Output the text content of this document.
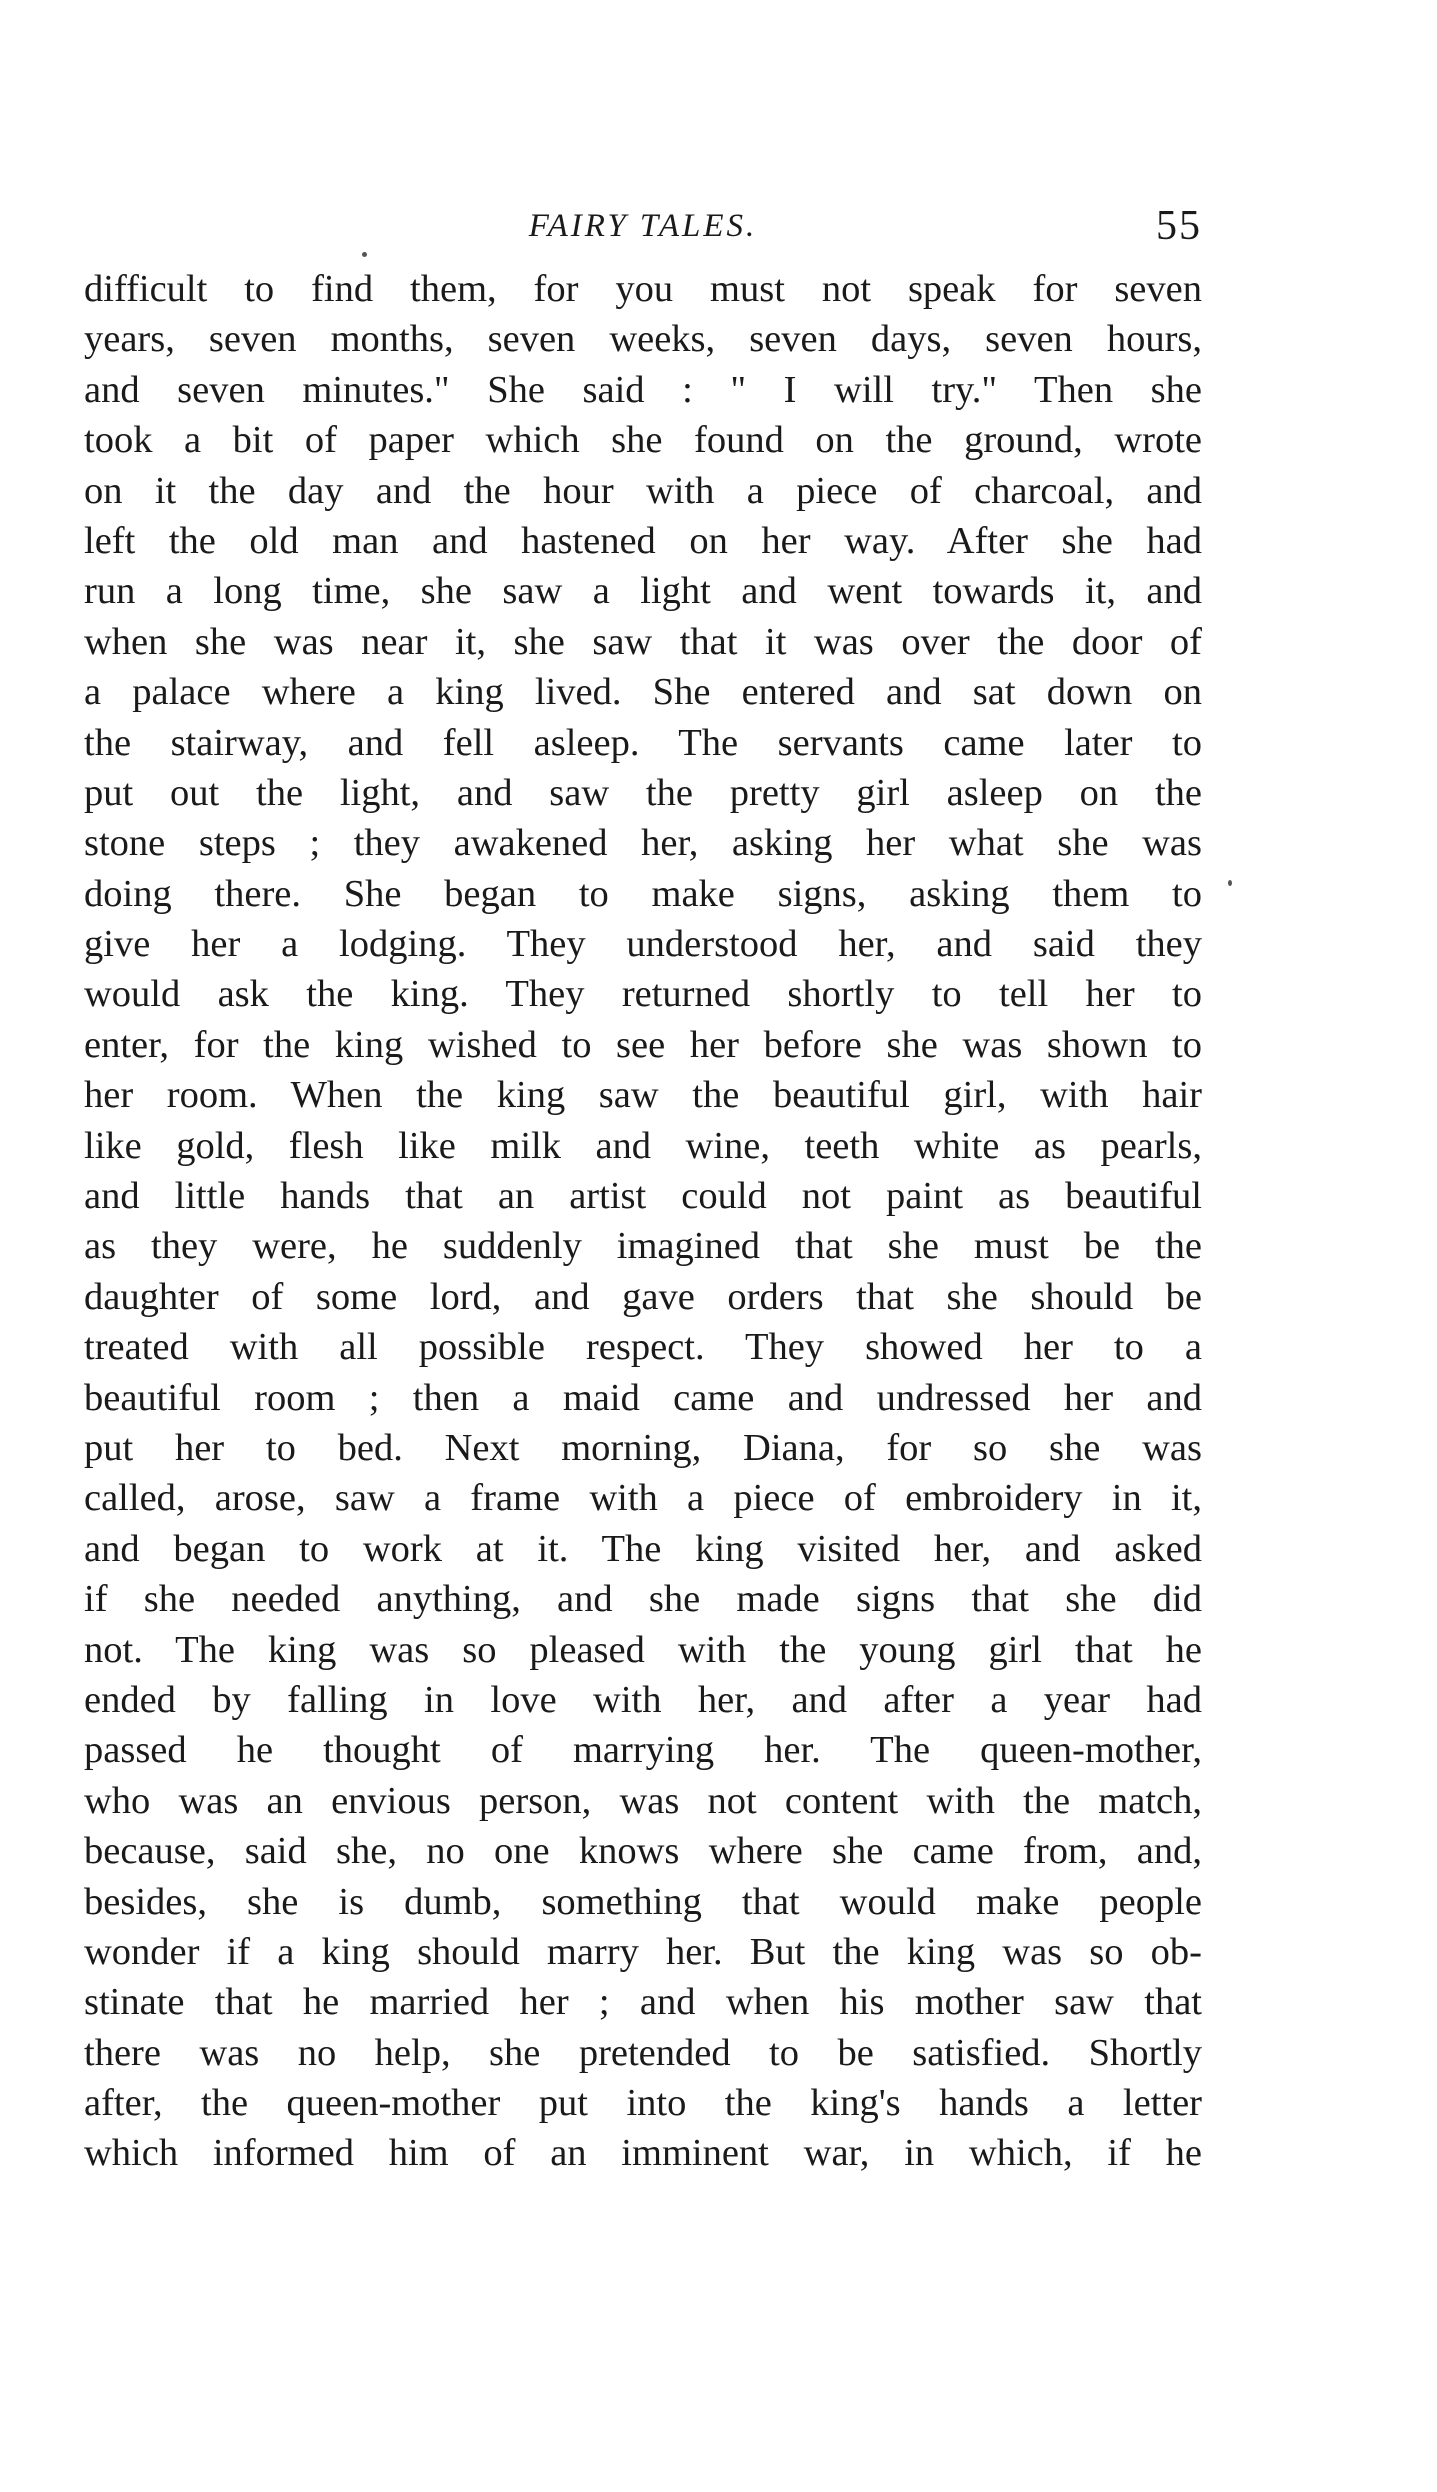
FAIRY TALES.	55
difficult to find them, for you must not speak for seven
years, seven months, seven weeks, seven days, seven hours,
and seven minutes." She said : " I will try." Then she
took a bit of paper which she found on the ground, wrote
on it the day and the hour with a piece of charcoal, and
left the old man and hastened on her way. After she had
run a long time, she saw a light and went towards it, and
when she was near it, she saw that it was over the door of
a palace where a king lived. She entered and sat down on
the stairway, and fell asleep. The servants came later to
put out the light, and saw the pretty girl asleep on the
stone steps ; they awakened her, asking her what she was
doing there. She began to make signs, asking them to
give her a lodging. They understood her, and said they
would ask the king. They returned shortly to tell her to
enter, for the king wished to see her before she was shown to
her room. When the king saw the beautiful girl, with hair
like gold, flesh like milk and wine, teeth white as pearls,
and little hands that an artist could not paint as beautiful
as they were, he suddenly imagined that she must be the
daughter of some lord, and gave orders that she should be
treated with all possible respect. They showed her to a
beautiful room ; then a maid came and undressed her and
put her to bed. Next morning, Diana, for so she was
called, arose, saw a frame with a piece of embroidery in it,
and began to work at it. The king visited her, and asked
if she needed anything, and she made signs that she did
not. The king was so pleased with the young girl that he
ended by falling in love with her, and after a year had
passed he thought of marrying her. The queen-mother,
who was an envious person, was not content with the match,
because, said she, no one knows where she came from, and,
besides, she is dumb, something that would make people
wonder if a king should marry her. But the king was so ob-
stinate that he married her ; and when his mother saw that
there was no help, she pretended to be satisfied. Shortly
after, the queen-mother put into the king's hands a letter
which informed him of an imminent war, in which, if he
